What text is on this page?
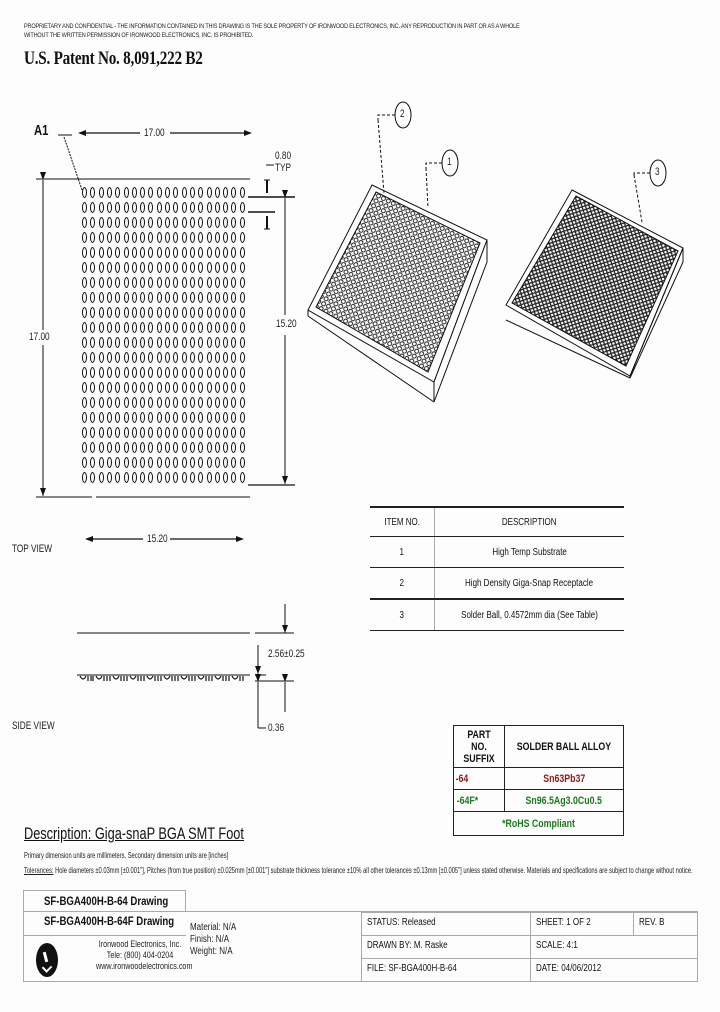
PROPRIETARY AND CONFIDENTIAL - THE INFORMATION CONTAINED IN THIS DRAWING IS THE SOLE PROPERTY OF IRONWOOD ELECTRONICS, INC. ANY REPRODUCTION IN PART OR AS A WHOLE
WITHOUT THE WRITTEN PERMISSION OF IRONWOOD ELECTRONICS, INC. IS PROHIBITED.
U.S. Patent No. 8,091,222 B2
A1	17.00
17.00
0.80
TYP
15.20
15.20
TOP VIEW
2.56±0.25
0.36
SIDE VIEW
2
1
3
ITEM NO.	DESCRIPTION
1	High Temp Substrate
2	High Density Giga-Snap Receptacle
3	Solder Ball, 0.4572mm dia (See Table)
PART NO. SUFFIX	SOLDER BALL ALLOY
-64	Sn63Pb37
-64F*	Sn96.5Ag3.0Cu0.5
*RoHS Compliant	
Description: Giga-snaP BGA SMT Foot
Primary dimension units are millimeters, Secondary dimension units are [inches]
Tolerances: Hole diameters ±0.03mm [±0.001"], Pitches (from true position) ±0.025mm [±0.001"] substrate thickness tolerance ±10% all other tolerances ±0.13mm [±0.005"] unless stated otherwise. Materials and specifications are subject to change without notice.
SF-BGA400H-B-64 Drawing
SF-BGA400H-B-64F Drawing
Ironwood Electronics, Inc.
Tele: (800) 404-0204
www.ironwoodelectronics.com
Material: N/A
Finish: N/A
Weight: N/A
STATUS: Released	SHEET: 1 OF 2	REV. B
DRAWN BY: M. Raske	SCALE: 4:1
FILE: SF-BGA400H-B-64	DATE: 04/06/2012
